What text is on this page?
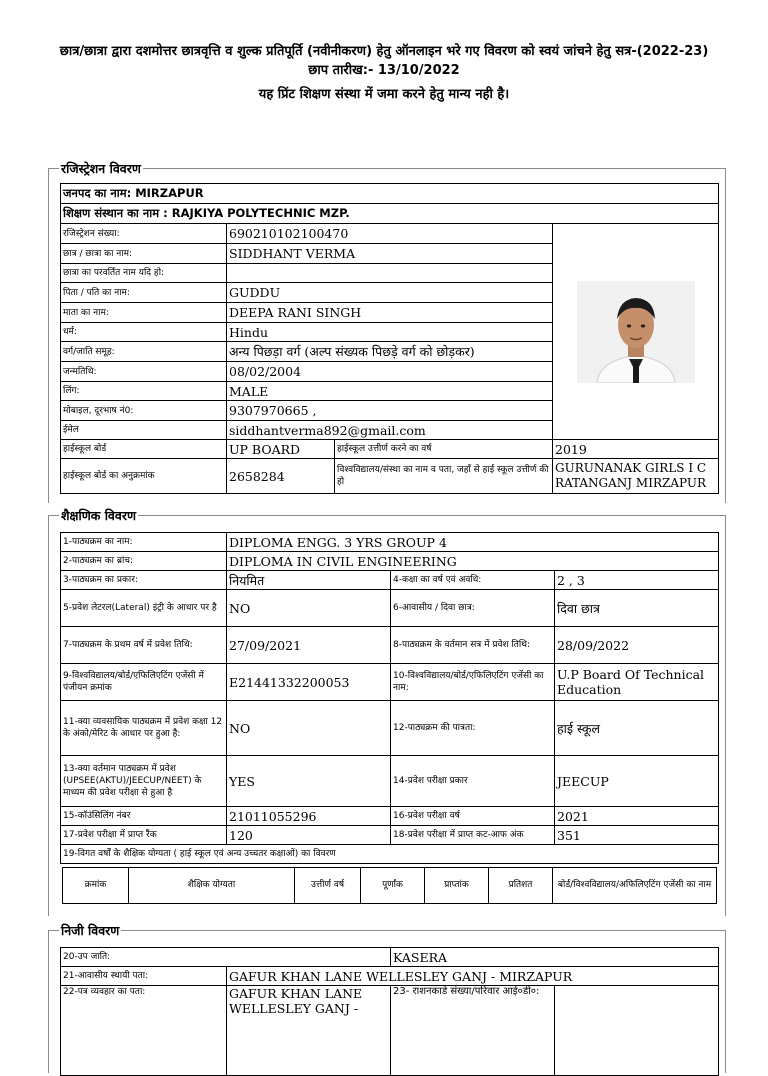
छात्र/छात्रा द्वारा दशमोत्तर छात्रवृत्ति व शुल्क प्रतिपूर्ति (नवीनीकरण) हेतु ऑनलाइन भरे गए विवरण को स्वयं जांचने हेतु सत्र-(2022-23)
छाप तारीख:- 13/10/2022
यह प्रिंट शिक्षण संस्था में जमा करने हेतु मान्य नही है।
रजिस्ट्रेशन विवरण
जनपद का नाम: MIRZAPUR			
शिक्षण संस्थान का नाम : RAJKIYA POLYTECHNIC MZP.			
रजिस्ट्रेशन संख्या:	690210102100470	

छात्र / छात्रा का नाम:	SIDDHANT VERMA		
छात्रा का परवर्तित नाम यदि हो:			
पिता / पति का नाम:	GUDDU		
माता का नाम:	DEEPA RANI SINGH		
धर्म:	Hindu		
वर्ग/जाति समूह:	अन्य पिछड़ा वर्ग (अल्प संख्यक पिछड़े वर्ग को छोड़कर)		
जन्मतिथि:	08/02/2004		
लिंग:	MALE		
मोबाइल, दूरभाष नं0:	9307970665 ,		
ईमेल	siddhantverma892@gmail.com		
हाईस्कूल बोर्ड	UP BOARD	हाईस्कूल उत्तीर्ण करने का वर्ष	2019
हाईस्कूल बोर्ड का अनुक्रमांक	2658284	विश्वविद्यालय/संस्था का नाम व पता, जहाँ से हाई स्कूल उत्तीर्ण की हो	GURUNANAK GIRLS I C RATANGANJ MIRZAPUR
शैक्षणिक विवरण
1-पाठ्यक्रम का नाम:	DIPLOMA ENGG. 3 YRS GROUP 4		
2-पाठ्यक्रम का ब्रांच:	DIPLOMA IN CIVIL ENGINEERING		
3-पाठ्यक्रम का प्रकार:	नियमित	4-कक्षा का वर्ष एवं अवधि:	2 , 3
5-प्रवेश लेटरल(Lateral) इंट्री के आधार पर है	NO	6-आवासीय / दिवा छात्र:	दिवा छात्र
7-पाठ्यक्रम के प्रथम वर्ष में प्रवेश तिथि:	27/09/2021	8-पाठ्यक्रम के वर्तमान सत्र में प्रवेश तिथि:	28/09/2022
9-विश्वविद्यालय/बोर्ड/एफिलिएटिंग एजेंसी में पंजीयन क्रमांक	E21441332200053	10-विश्वविद्यालय/बोर्ड/एफिलिएटिंग एजेंसी का नाम:	U.P Board Of Technical Education
11-क्या व्यवसायिक पाठ्यक्रम में प्रवेश कक्षा 12 के अंको/मेरिट के आधार पर हुआ है:	NO	12-पाठ्यक्रम की पात्रता:	हाई स्कूल
13-क्या वर्तमान पाठ्यक्रम में प्रवेश (UPSEE(AKTU)/JEECUP/NEET) के माध्यम की प्रवेश परीक्षा से हुआ है	YES	14-प्रवेश परीक्षा प्रकार	JEECUP
15-कॉउंसिलिंग नंबर	21011055296	16-प्रवेश परीक्षा वर्ष	2021
17-प्रवेश परीक्षा में प्राप्त रैंक	120	18-प्रवेश परीक्षा में प्राप्त कट-आफ अंक	351
19-विगत वर्षों के शैक्षिक योग्यता ( हाई स्कूल एवं अन्य उच्चतर कक्षाओं) का विवरण			
क्रमांक	शैक्षिक योग्यता	उत्तीर्ण वर्ष	पूर्णांक	प्राप्तांक	प्रतिशत	बोर्ड/विश्वविद्यालय/अफिलिएटिंग एजेंसी का नाम
निजी विवरण
20-उप जाति:		KASERA	
21-आवासीय स्थायी पता:	GAFUR KHAN LANE WELLESLEY GANJ - MIRZAPUR		
22-पत्र व्यवहार का पता:	GAFUR KHAN LANE WELLESLEY GANJ -	23- राशनकार्ड संख्या/परिवार आई०डी०:	
